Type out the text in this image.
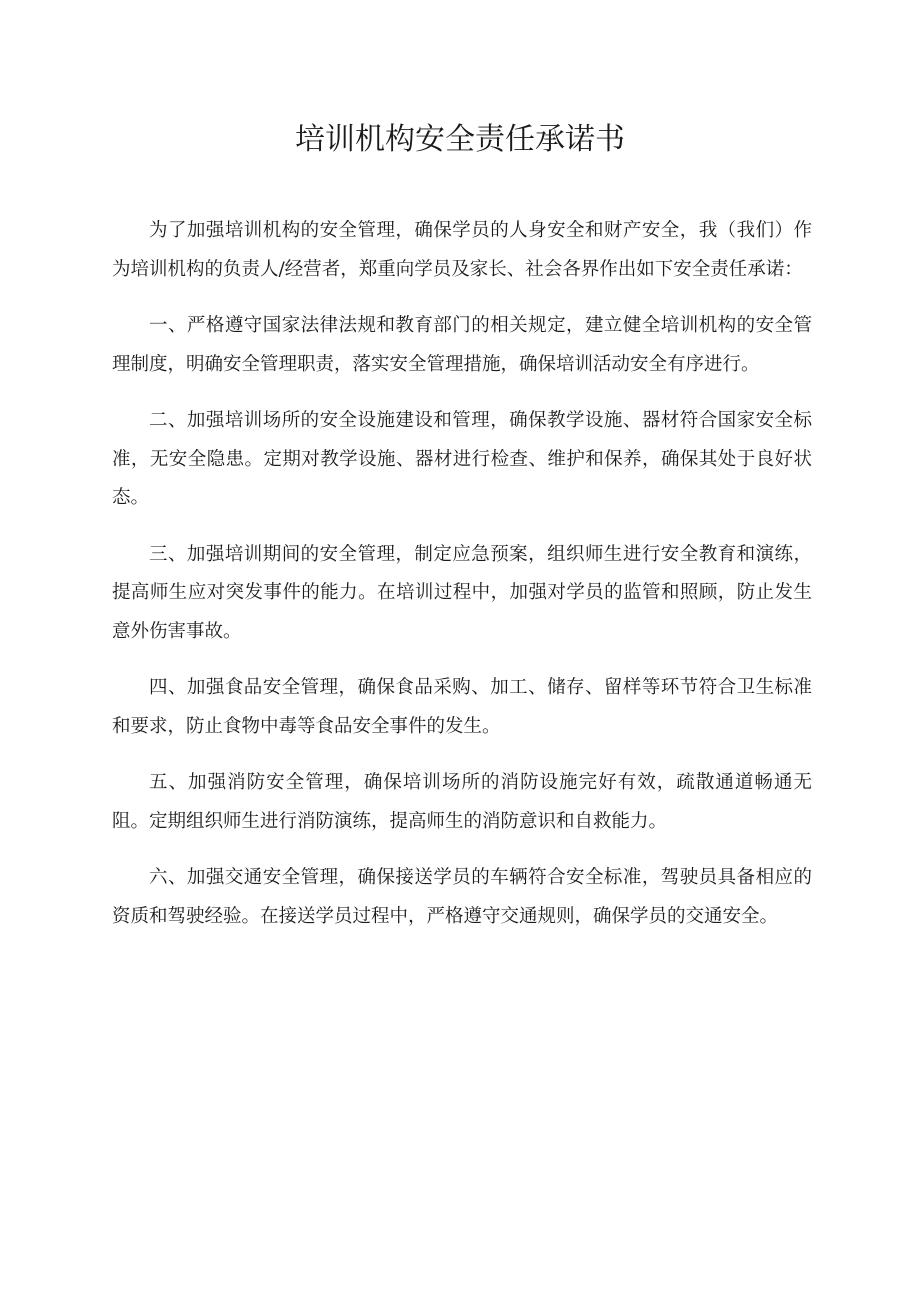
培训机构安全责任承诺书

为了加强培训机构的安全管理，确保学员的人身安全和财产安全，我（我们）作为培训机构的负责人/经营者，郑重向学员及家长、社会各界作出如下安全责任承诺：

一、严格遵守国家法律法规和教育部门的相关规定，建立健全培训机构的安全管理制度，明确安全管理职责，落实安全管理措施，确保培训活动安全有序进行。

二、加强培训场所的安全设施建设和管理，确保教学设施、器材符合国家安全标准，无安全隐患。定期对教学设施、器材进行检查、维护和保养，确保其处于良好状态。

三、加强培训期间的安全管理，制定应急预案，组织师生进行安全教育和演练，提高师生应对突发事件的能力。在培训过程中，加强对学员的监管和照顾，防止发生意外伤害事故。

四、加强食品安全管理，确保食品采购、加工、储存、留样等环节符合卫生标准和要求，防止食物中毒等食品安全事件的发生。

五、加强消防安全管理，确保培训场所的消防设施完好有效，疏散通道畅通无阻。定期组织师生进行消防演练，提高师生的消防意识和自救能力。

六、加强交通安全管理，确保接送学员的车辆符合安全标准，驾驶员具备相应的资质和驾驶经验。在接送学员过程中，严格遵守交通规则，确保学员的交通安全。
